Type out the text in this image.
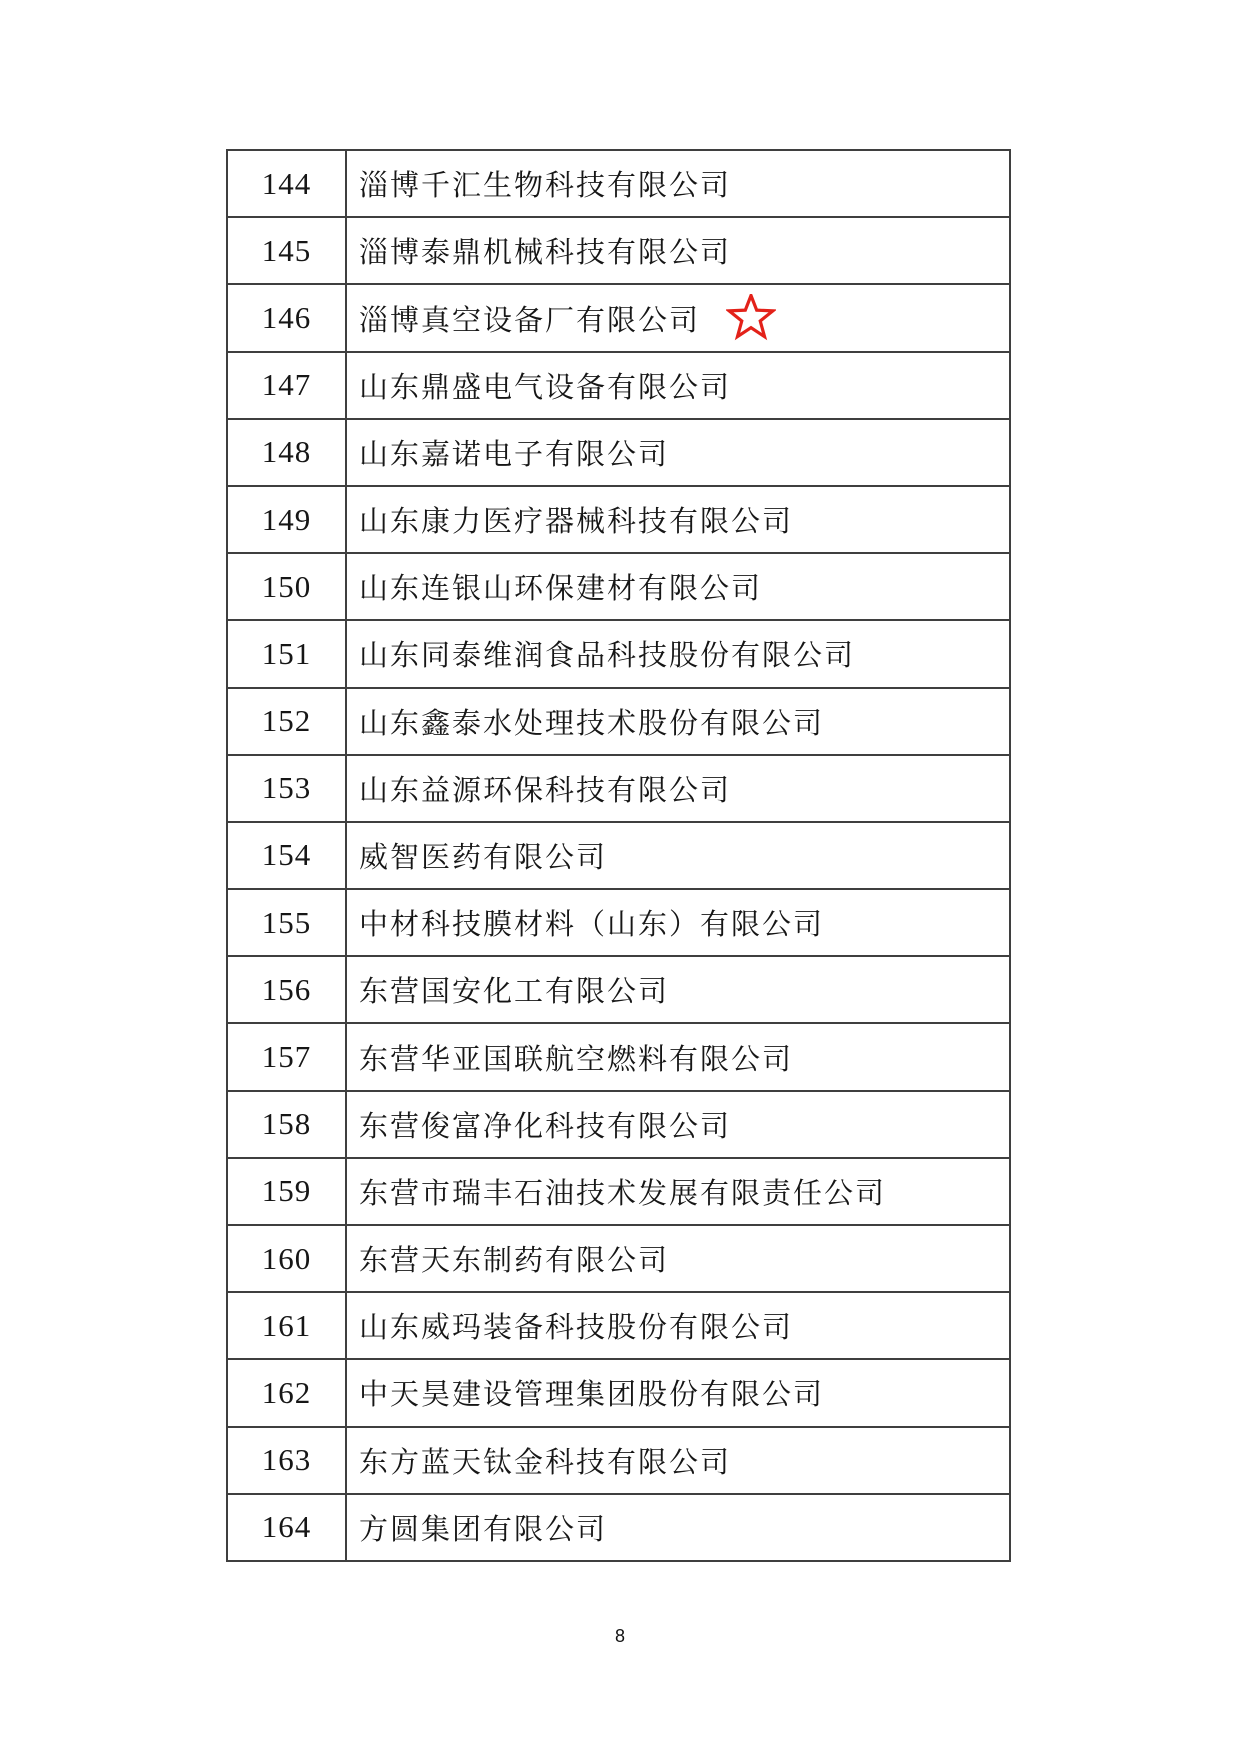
144	淄博千汇生物科技有限公司
145	淄博泰鼎机械科技有限公司
146	淄博真空设备厂有限公司

147	山东鼎盛电气设备有限公司
148	山东嘉诺电子有限公司
149	山东康力医疗器械科技有限公司
150	山东连银山环保建材有限公司
151	山东同泰维润食品科技股份有限公司
152	山东鑫泰水处理技术股份有限公司
153	山东益源环保科技有限公司
154	威智医药有限公司
155	中材科技膜材料（山东）有限公司
156	东营国安化工有限公司
157	东营华亚国联航空燃料有限公司
158	东营俊富净化科技有限公司
159	东营市瑞丰石油技术发展有限责任公司
160	东营天东制药有限公司
161	山东威玛装备科技股份有限公司
162	中天昊建设管理集团股份有限公司
163	东方蓝天钛金科技有限公司
164	方圆集团有限公司
8
